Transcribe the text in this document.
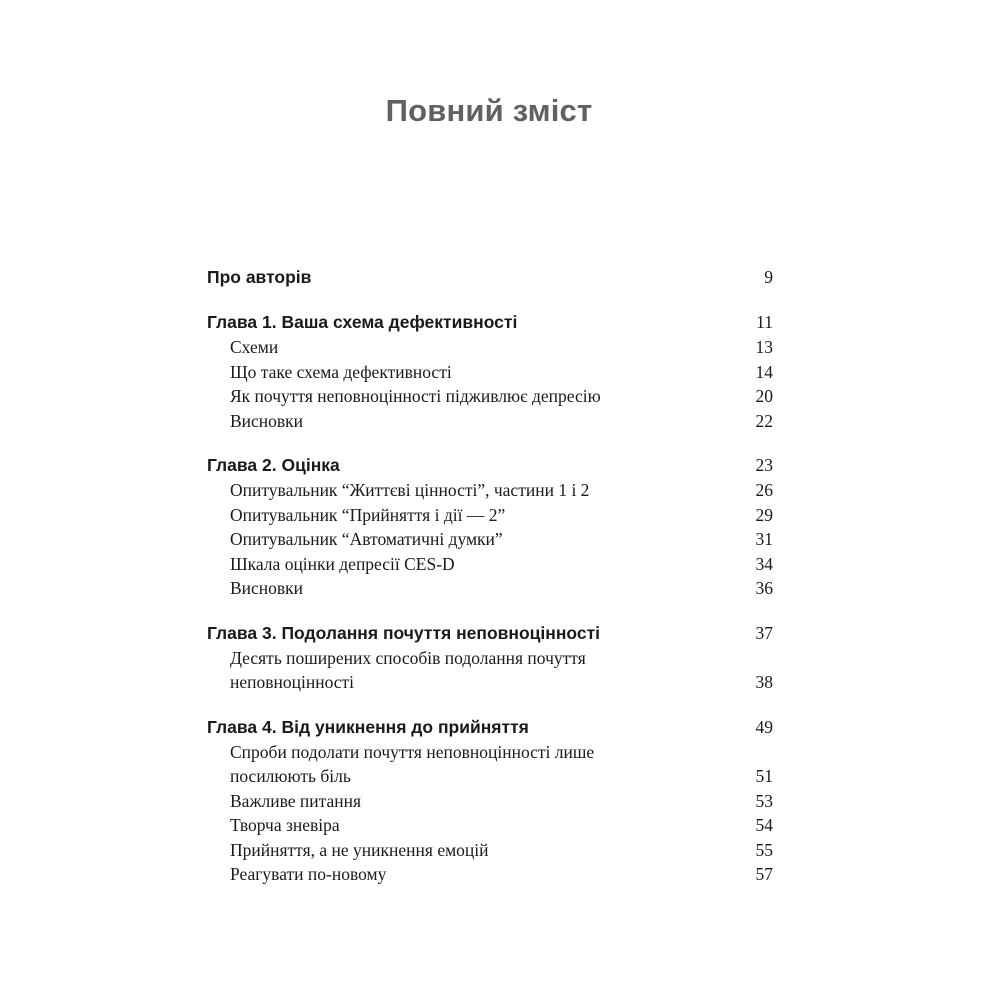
Повний зміст
Про авторів	9
Глава 1. Ваша схема дефективності	11
Схеми	13
Що таке схема дефективності	14
Як почуття неповноцінності підживлює депресію	20
Висновки	22
Глава 2. Оцінка	23
Опитувальник “Життєві цінності”, частини 1 і 2	26
Опитувальник “Прийняття і дії — 2”	29
Опитувальник “Автоматичні думки”	31
Шкала оцінки депресії CES-D	34
Висновки	36
Глава 3. Подолання почуття неповноцінності	37
Десять поширених способів подолання почуття неповноцінності	38
Глава 4. Від уникнення до прийняття	49
Спроби подолати почуття неповноцінності лише посилюють біль	51
Важливе питання	53
Творча зневіра	54
Прийняття, а не уникнення емоцій	55
Реагувати по-новому	57
